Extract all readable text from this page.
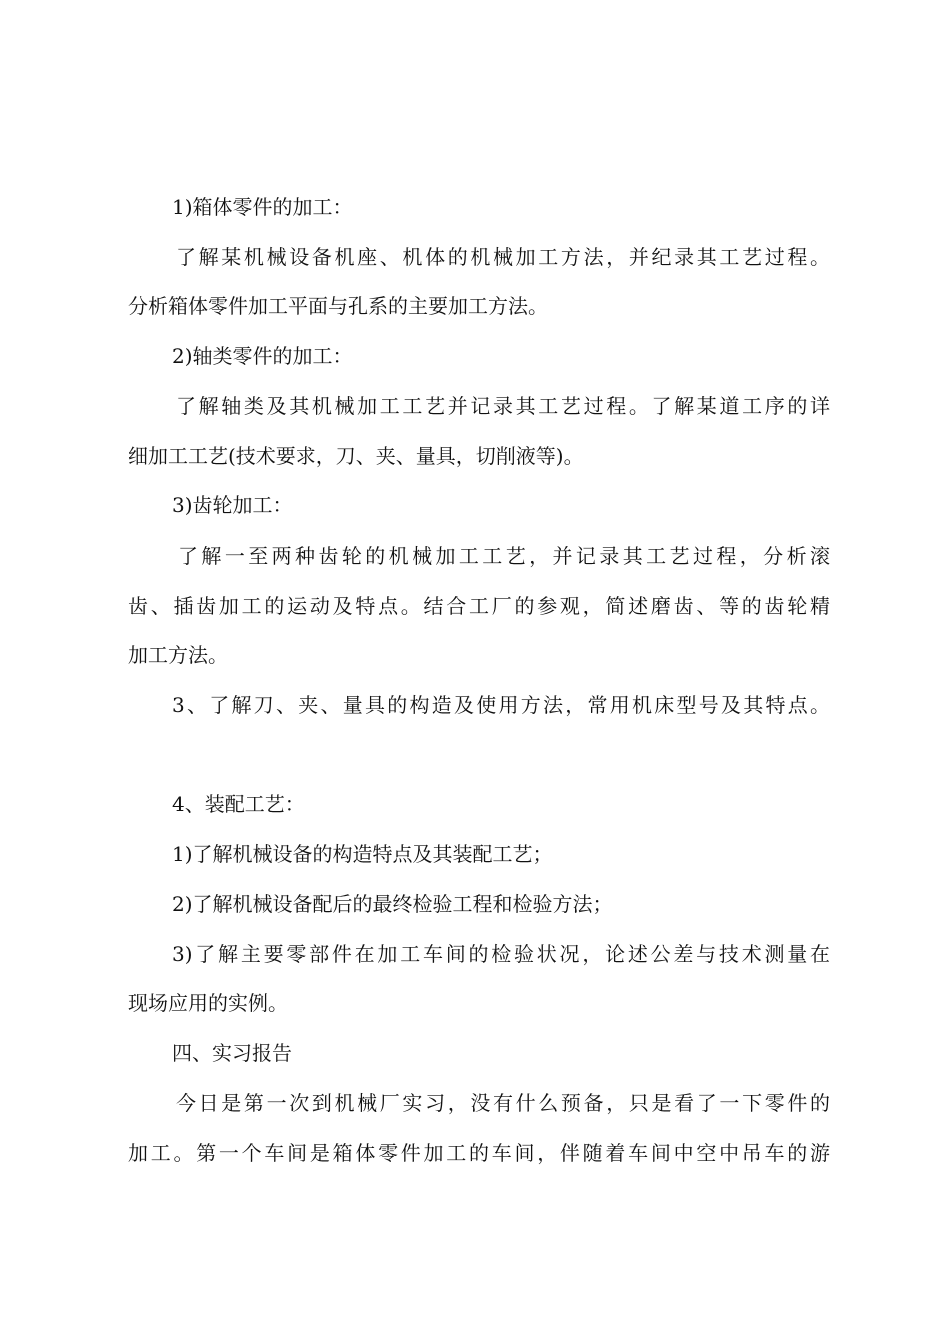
1)箱体零件的加工：
了解某机械设备机座、机体的机械加工方法，并纪录其工艺过程。
分析箱体零件加工平面与孔系的主要加工方法。
2)轴类零件的加工：
了解轴类及其机械加工工艺并记录其工艺过程。了解某道工序的详
细加工工艺(技术要求，刀、夹、量具，切削液等)。
3)齿轮加工：
了解一至两种齿轮的机械加工工艺，并记录其工艺过程，分析滚
齿、插齿加工的运动及特点。结合工厂的参观，简述磨齿、等的齿轮精
加工方法。
3、了解刀、夹、量具的构造及使用方法，常用机床型号及其特点。
4、装配工艺：
1)了解机械设备的构造特点及其装配工艺；
2)了解机械设备配后的最终检验工程和检验方法；
3)了解主要零部件在加工车间的检验状况，论述公差与技术测量在
现场应用的实例。
四、实习报告
今日是第一次到机械厂实习，没有什么预备，只是看了一下零件的
加工。第一个车间是箱体零件加工的车间，伴随着车间中空中吊车的游
